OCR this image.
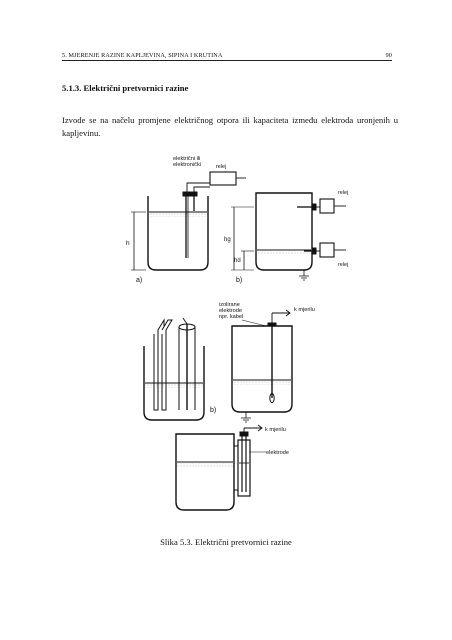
5. MJERENJE RAZINE KAPLJEVINA, SIPINA I KRUTINA	90
5.1.3. Električni pretvornici razine
Izvode se na načelu promjene električnog otpora ili kapaciteta između elektroda uronjenih u kapljevinu.
električni ili
elektronički	relej
h
a)
relej
relej
hg
hd
b)
b)
izolirane
elektrode
npr. kabel
k mjerilu
k mjerilu
elektrode
Slika 5.3. Električni pretvornici razine
